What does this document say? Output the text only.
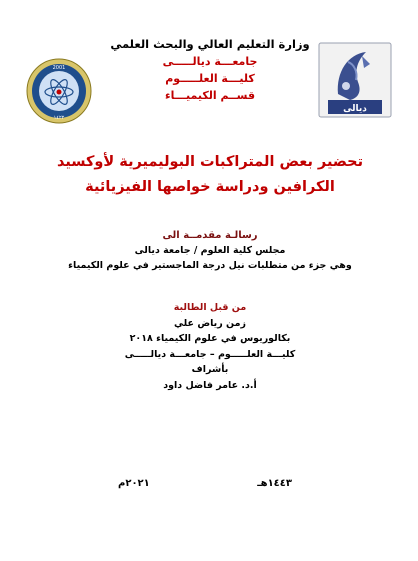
وزارة التعليم العالي والبحث العلمي
جامعـــة ديالـــــى
كليـــة العلـــــوم
قســم الكيميـــاء
2001
١٤٢٢
ديالى
تحضير بعض المتراكبات البوليميرية لأوكسيد
الكرافين ودراسة خواصها الفيزيائية
رسالـة مقدمــة الى
مجلس كلية العلوم / جامعة ديالى
وهي جزء من متطلبات نيل درجة الماجستير في علوم الكيمياء
من قبل الطالبة
زمن رياض علي
بكالوريوس في علوم الكيمياء ٢٠١٨
كليـــة العلـــــوم – جامعـــة ديالـــــى
بأشراف
أ.د. عامر فاضل داود
١٤٤٣هـ
٢٠٢١م
